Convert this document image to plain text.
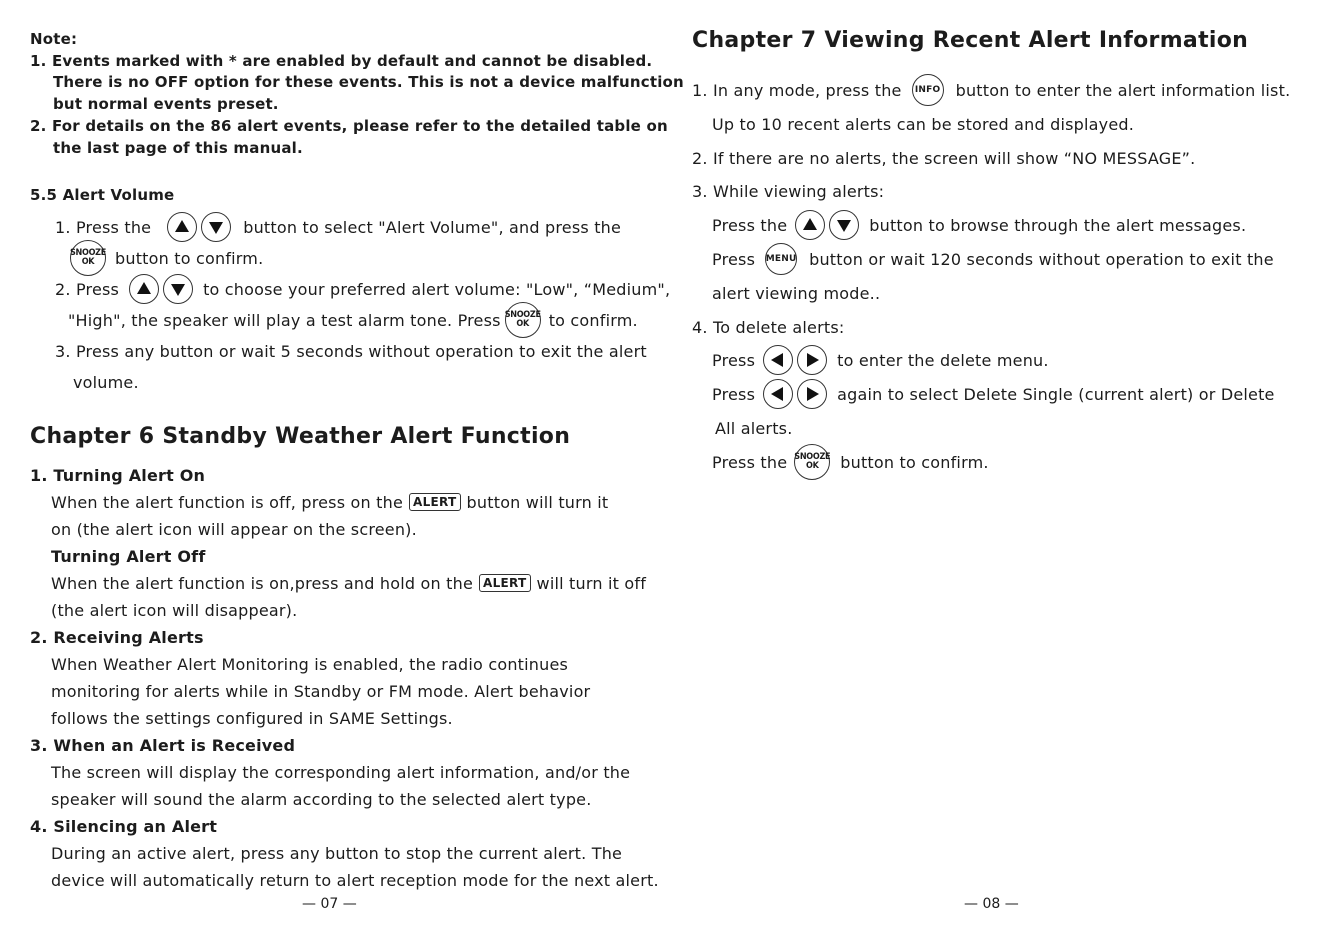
Note:
1. Events marked with * are enabled by default and cannot be disabled.
There is no OFF option for these events. This is not a device malfunction
but normal events preset.
2. For details on the 86 alert events, please refer to the detailed table on
the last page of this manual.
5.5 Alert Volume
1. Press the	button to select "Alert Volume", and press the
SNOOZE
OK button to confirm.
2. Press	to choose your preferred alert volume: "Low", “Medium",
"High", the speaker will play a test alarm tone. Press SNOOZE
OK to confirm.
3. Press any button or wait 5 seconds without operation to exit the alert
volume.
Chapter 6 Standby Weather Alert Function
1. Turning Alert On
When the alert function is off, press on the ALERT button will turn it
on (the alert icon will appear on the screen).
Turning Alert Off
When the alert function is on,press and hold on the ALERT will turn it off
(the alert icon will disappear).
2. Receiving Alerts
When Weather Alert Monitoring is enabled, the radio continues
monitoring for alerts while in Standby or FM mode. Alert behavior
follows the settings configured in SAME Settings.
3. When an Alert is Received
The screen will display the corresponding alert information, and/or the
speaker will sound the alarm according to the selected alert type.
4. Silencing an Alert
During an active alert, press any button to stop the current alert. The
device will automatically return to alert reception mode for the next alert.
— 07 —
Chapter 7 Viewing Recent Alert Information
1. In any mode, press the	INFO button to enter the alert information list.
Up to 10 recent alerts can be stored and displayed.
2. If there are no alerts, the screen will show “NO MESSAGE”.
3. While viewing alerts:
Press the	button to browse through the alert messages.
Press MENU button or wait 120 seconds without operation to exit the
alert viewing mode..
4. To delete alerts:
Press	to enter the delete menu.
Press	again to select Delete Single (current alert) or Delete
All alerts.
Press the SNOOZE
OK button to confirm.
— 08 —
